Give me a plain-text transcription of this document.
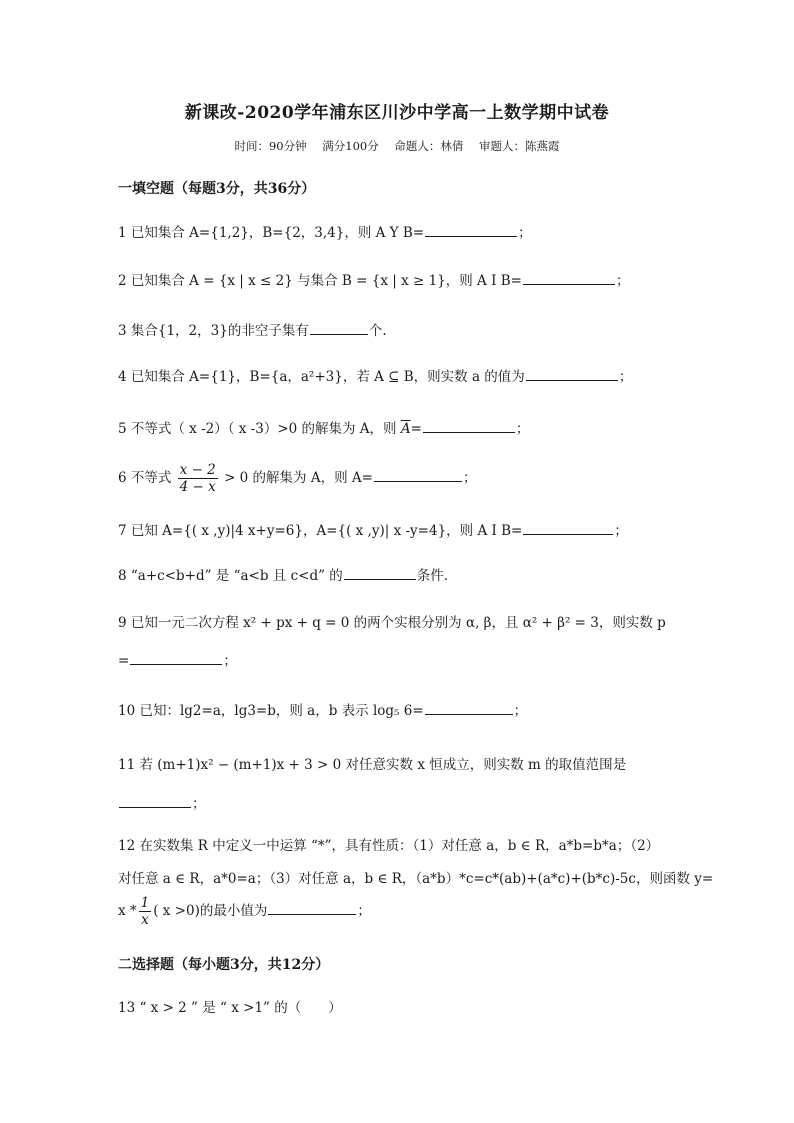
新课改-2020学年浦东区川沙中学高一上数学期中试卷
时间：90分钟 满分100分 命题人：林倩 审题人：陈燕霞
一填空题（每题3分，共36分）
1 已知集合 A={1,2}，B={2，3,4}，则 A Y B=	；
2 已知集合 A = {x | x ≤ 2} 与集合 B = {x | x ≥ 1}，则 A I B=	；
3 集合{1，2，3}的非空子集有	个.
4 已知集合 A={1}，B={a，a²+3}，若 A ⊆ B，则实数 a 的值为	；
5 不等式（ x -2）（ x -3）>0 的解集为 A，则 $\overline{A}=$	；
6 不等式 $\frac{x - 2}{4 - x} > 0$ 的解集为 A，则 A=	；
7 已知 A={( x ,y)|4 x+y=6}，A={( x ,y)| x -y=4}，则 A I B=	；
8 “a+c<b+d” 是 “a<b 且 c<d” 的	条件.
9 已知一元二次方程 x² + px + q = 0 的两个实根分别为 α, β，且 α² + β² = 3，则实数 p
=	；
10 已知：lg2=a，lg3=b，则 a，b 表示 log₅ 6=	；
11 若 (m+1)x² − (m+1)x + 3 > 0 对任意实数 x 恒成立，则实数 m 的取值范围是
；
12 在实数集 R 中定义一中运算 “*”，具有性质：（1）对任意 a，b ∈ R，a*b=b*a；（2）
对任意 a ∈ R，a*0=a；（3）对任意 a，b ∈ R，（a*b）*c=c*(ab)+(a*c)+(b*c)-5c，则函数 y=
x * $\frac{1}{x}$ ( x >0)的最小值为	；
二选择题（每小题3分，共12分）
13 “ x > 2 ” 是 “ x >1” 的（　　）
